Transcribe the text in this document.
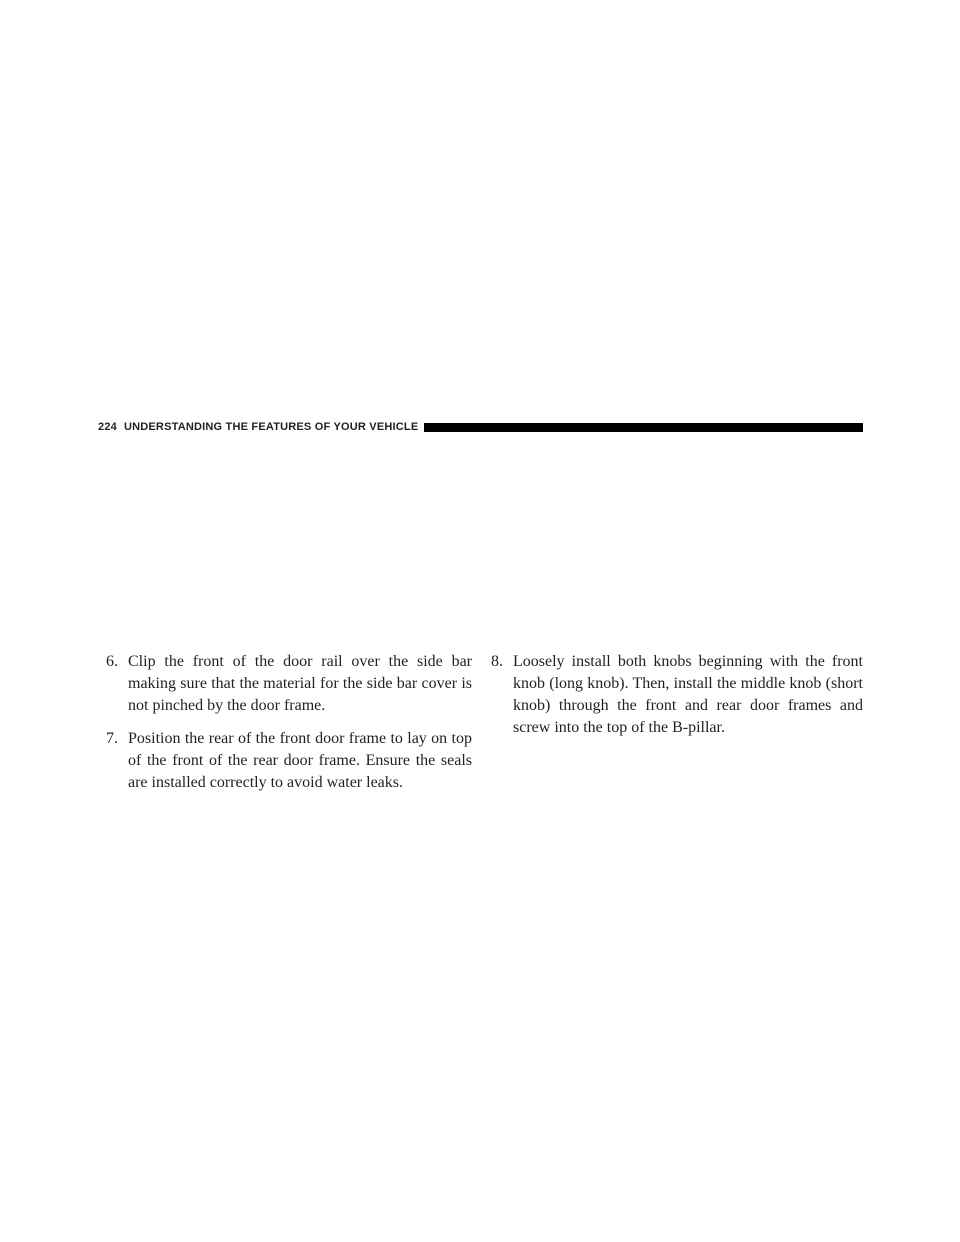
224 UNDERSTANDING THE FEATURES OF YOUR VEHICLE
6. Clip the front of the door rail over the side bar making sure that the material for the side bar cover is not pinched by the door frame.
7. Position the rear of the front door frame to lay on top of the front of the rear door frame. Ensure the seals are installed correctly to avoid water leaks.
8. Loosely install both knobs beginning with the front knob (long knob). Then, install the middle knob (short knob) through the front and rear door frames and screw into the top of the B-pillar.
